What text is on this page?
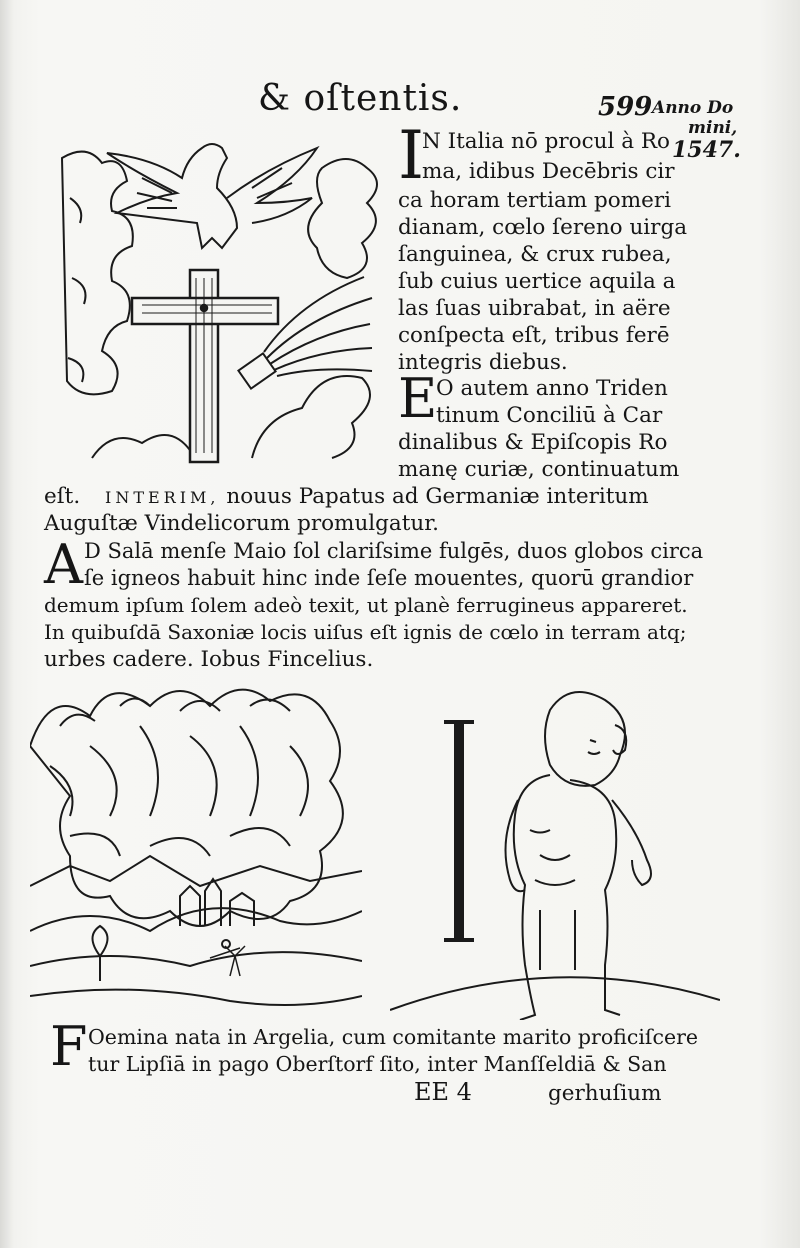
& oſtentis.	599 Anno Do
mini,
1547.
I
N Italia nō procul à Ro
ma, idibus Decēbris cir
ca horam tertiam pomeri
dianam, cœlo ſereno uirga
ſanguinea, & crux rubea,
ſub cuius uertice aquila a
las ſuas uibrabat, in aëre
conſpecta eſt, tribus ferē
integris diebus.
E
O autem anno Triden
tinum Conciliū à Car
dinalibus & Epiſcopis Ro
manę curiæ, continuatum
eſt. INTERIM, nouus Papatus ad Germaniæ interitum
Auguſtæ Vindelicorum promulgatur.
A D Salā menſe Maio ſol clariſsime fulgēs, duos globos circa
ſe igneos habuit hinc inde ſeſe mouentes, quorū grandior
demum ipſum ſolem adeò texit, ut planè ferrugineus appareret.
In quibuſdā Saxoniæ locis uiſus eſt ignis de cœlo in terram atq;
urbes cadere. Iobus Fincelius.
F Oemina nata in Argelia, cum comitante marito proficiſcere
tur Lipſiā in pago Oberſtorf ſito, inter Manſſeldiā & San
EE 4	gerhuſium
